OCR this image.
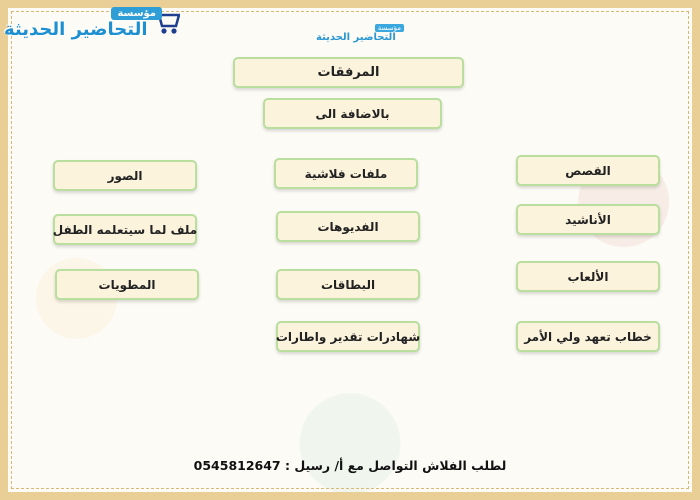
مؤسسة
التحاضير الحديثة	مؤسسة
التحاضير الحديثة
المرفقات
بالاضافة الى
القصص
الأناشيد
الألعاب
خطاب تعهد ولي الأمر
ملفات فلاشية
الفديوهات
البطاقات
شهادرات تقدير واطارات
الصور
ملف لما سيتعلمه الطفل
المطويات
لطلب الفلاش التواصل مع أ/ رسيل : 0545812647
